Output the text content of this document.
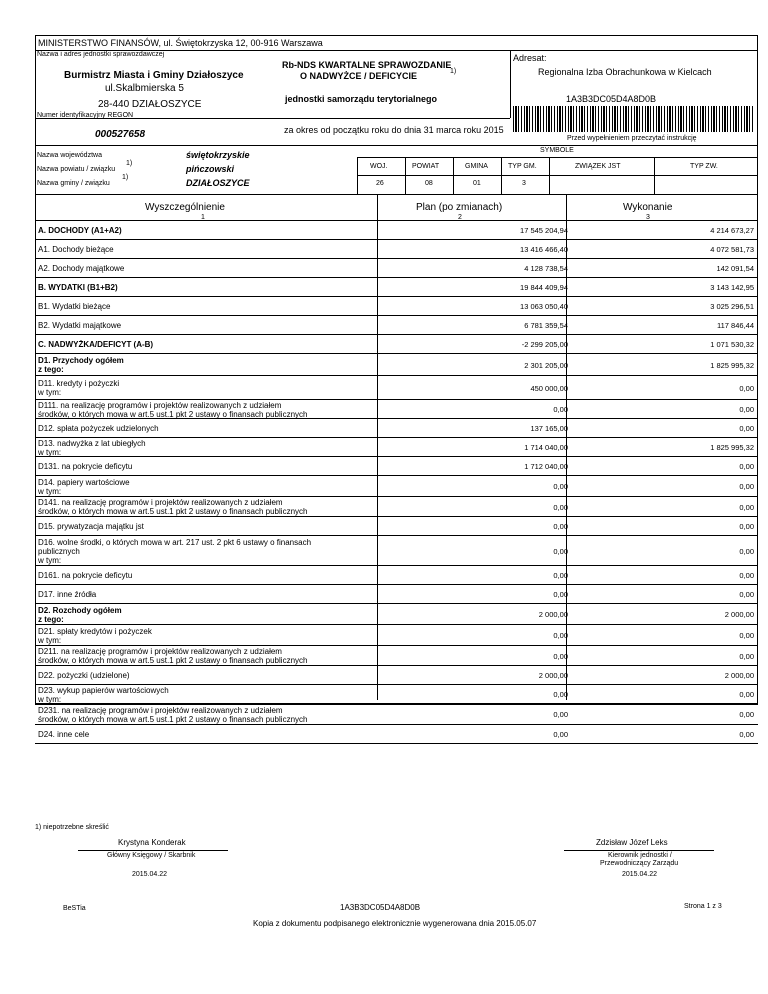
MINISTERSTWO FINANSÓW, ul. Świętokrzyska 12, 00-916 Warszawa
Nazwa i adres jednostki sprawozdawczej
Burmistrz Miasta i Gminy Działoszyce
ul.Skalbmierska 5
28-440 DZIAŁOSZYCE
Rb-NDS KWARTALNE SPRAWOZDANIE
O NADWYŻCE / DEFICYCIE	1)
jednostki samorządu terytorialnego
Adresat:
Regionalna Izba Obrachunkowa w Kielcach
1A3B3DC05D4A8D0B
Przed wypełnieniem przeczytać instrukcję
Numer identyfikacyjny REGON
000527658	za okres od początku roku do dnia 31 marca roku 2015
Nazwa województwa	świętokrzyskie
Nazwa powiatu / związku
1)
pińczowski
Nazwa gminy / związku
1)
DZIAŁOSZYCE
SYMBOLE
WOJ.	POWIAT	GMINA	TYP GM.	ZWIĄZEK JST	TYP ZW.
26	08	01	3
Wyszczególnienie	Plan (po zmianach)	Wykonanie
1	2	3
A. DOCHODY (A1+A2)	17 545 204,94	4 214 673,27
A1. Dochody bieżące	13 416 466,40	4 072 581,73
A2. Dochody majątkowe	4 128 738,54	142 091,54
B. WYDATKI (B1+B2)	19 844 409,94	3 143 142,95
B1. Wydatki bieżące	13 063 050,40	3 025 296,51
B2. Wydatki majątkowe	6 781 359,54	117 846,44
C. NADWYŻKA/DEFICYT (A-B)	-2 299 205,00	1 071 530,32
D1. Przychody ogółem
z tego:	2 301 205,00	1 825 995,32
D11. kredyty i pożyczki
w tym:	450 000,00	0,00
D111. na realizację programów i projektów realizowanych z udziałem
środków, o których mowa w art.5 ust.1 pkt 2 ustawy o finansach publicznych
0,00	0,00
D12. spłata pożyczek udzielonych	137 165,00	0,00
D13. nadwyżka z lat ubiegłych
w tym:
1 714 040,00	1 825 995,32
D131. na pokrycie deficytu	1 712 040,00	0,00
D14. papiery wartościowe
w tym:
0,00	0,00
D141. na realizację programów i projektów realizowanych z udziałem
środków, o których mowa w art.5 ust.1 pkt 2 ustawy o finansach publicznych	0,00	0,00
D15. prywatyzacja majątku jst	0,00	0,00
D16. wolne środki, o których mowa w art. 217 ust. 2 pkt 6 ustawy o finansach
publicznych
w tym:
0,00	0,00
D161. na pokrycie deficytu	0,00	0,00
D17. inne źródła	0,00	0,00
D2. Rozchody ogółem
z tego:
2 000,00	2 000,00
D21. spłaty kredytów i pożyczek
w tym:
0,00	0,00
D211. na realizację programów i projektów realizowanych z udziałem
środków, o których mowa w art.5 ust.1 pkt 2 ustawy o finansach publicznych	0,00	0,00
D22. pożyczki (udzielone)	2 000,00	2 000,00
D23. wykup papierów wartościowych
w tym:
0,00	0,00
D231. na realizację programów i projektów realizowanych z udziałem
środków, o których mowa w art.5 ust.1 pkt 2 ustawy o finansach publicznych
0,00	0,00
D24. inne cele	0,00	0,00
1) niepotrzebne skreślić
Krystyna Konderak
Główny Księgowy / Skarbnik
2015.04.22
Zdzisław Józef Leks
Kierownik jednostki /
Przewodniczący Zarządu
2015.04.22
BeSTia	1A3B3DC05D4A8D0B	Strona 1 z 3
Kopia z dokumentu podpisanego elektronicznie wygenerowana dnia 2015.05.07
